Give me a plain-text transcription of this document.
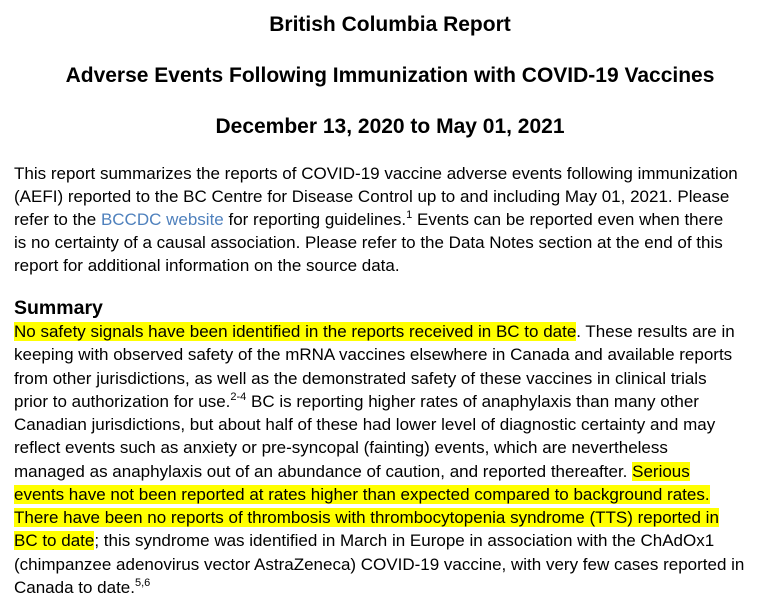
British Columbia Report
Adverse Events Following Immunization with COVID-19 Vaccines
December 13, 2020 to May 01, 2021
This report summarizes the reports of COVID-19 vaccine adverse events following immunization
(AEFI) reported to the BC Centre for Disease Control up to and including May 01, 2021. Please
refer to the BCCDC website for reporting guidelines.$^1$ Events can be reported even when there
is no certainty of a causal association. Please refer to the Data Notes section at the end of this
report for additional information on the source data.
Summary
No safety signals have been identified in the reports received in BC to date. These results are in
keeping with observed safety of the mRNA vaccines elsewhere in Canada and available reports
from other jurisdictions, as well as the demonstrated safety of these vaccines in clinical trials
prior to authorization for use.$^{2-4}$ BC is reporting higher rates of anaphylaxis than many other
Canadian jurisdictions, but about half of these had lower level of diagnostic certainty and may
reflect events such as anxiety or pre-syncopal (fainting) events, which are nevertheless
managed as anaphylaxis out of an abundance of caution, and reported thereafter. Serious
events have not been reported at rates higher than expected compared to background rates.
There have been no reports of thrombosis with thrombocytopenia syndrome (TTS) reported in
BC to date; this syndrome was identified in March in Europe in association with the ChAdOx1
(chimpanzee adenovirus vector AstraZeneca) COVID-19 vaccine, with very few cases reported in
Canada to date.$^{5,6}$
